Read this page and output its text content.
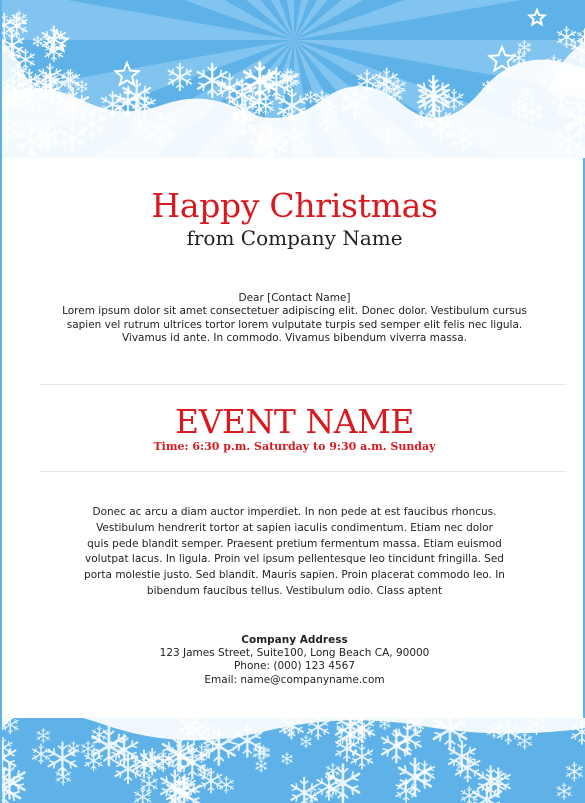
Happy Christmas
from Company Name
Dear [Contact Name]
Lorem ipsum dolor sit amet consectetuer adipiscing elit. Donec dolor. Vestibulum cursus sapien vel rutrum ultrices tortor lorem vulputate turpis sed semper elit felis nec ligula. Vivamus id ante. In commodo. Vivamus bibendum viverra massa.
EVENT NAME
Time: 6:30 p.m. Saturday to 9:30 a.m. Sunday
Donec ac arcu a diam auctor imperdiet. In non pede at est faucibus rhoncus. Vestibulum hendrerit tortor at sapien iaculis condimentum. Etiam nec dolor quis pede blandit semper. Praesent pretium fermentum massa. Etiam euismod volutpat lacus. In ligula. Proin vel ipsum pellentesque leo tincidunt fringilla. Sed porta molestie justo. Sed blandit. Mauris sapien. Proin placerat commodo leo. In bibendum faucibus tellus. Vestibulum odio. Class aptent
Company Address
123 James Street, Suite100, Long Beach CA, 90000
Phone: (000) 123 4567
Email: name@companyname.com
